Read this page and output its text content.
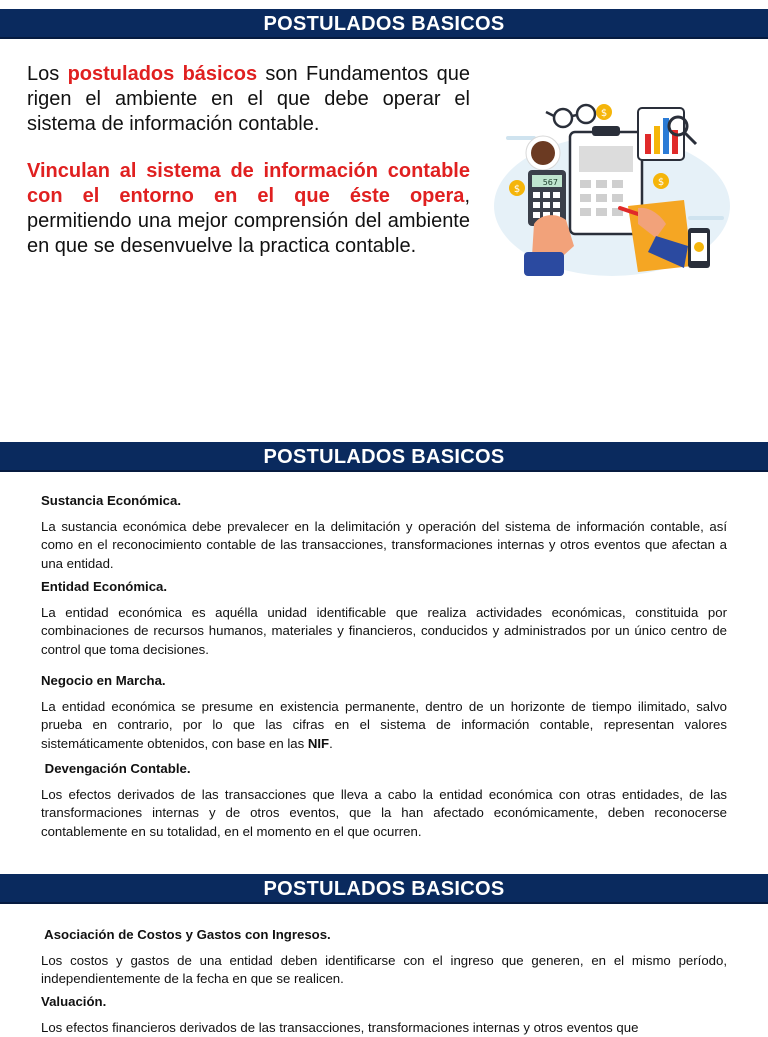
POSTULADOS BASICOS

Los postulados básicos son Fundamentos que rigen el ambiente en el que debe operar el sistema de información contable.

Vinculan al sistema de información contable con el entorno en el que éste opera, permitiendo una mejor comprensión del ambiente en que se desenvuelve la practica contable.

$
$
$
567
POSTULADOS BASICOS
Sustancia Económica.

La sustancia económica debe prevalecer en la delimitación y operación del sistema de información contable, así como en el reconocimiento contable de las transacciones, transformaciones internas y otros eventos que afectan a una entidad.

Entidad Económica.

La entidad económica es aquélla unidad identificable que realiza actividades económicas, constituida por combinaciones de recursos humanos, materiales y financieros, conducidos y administrados por un único centro de control que toma decisiones.

Negocio en Marcha.

La entidad económica se presume en existencia permanente, dentro de un horizonte de tiempo ilimitado, salvo prueba en contrario, por lo que las cifras en el sistema de información contable, representan valores sistemáticamente obtenidos, con base en las NIF.

Devengación Contable.

Los efectos derivados de las transacciones que lleva a cabo la entidad económica con otras entidades, de las transformaciones internas y de otros eventos, que la han afectado económicamente, deben reconocerse contablemente en su totalidad, en el momento en el que ocurren.

POSTULADOS BASICOS
Asociación de Costos y Gastos con Ingresos.

Los costos y gastos de una entidad deben identificarse con el ingreso que generen, en el mismo período, independientemente de la fecha en que se realicen.

Valuación.

Los efectos financieros derivados de las transacciones, transformaciones internas y otros eventos que
